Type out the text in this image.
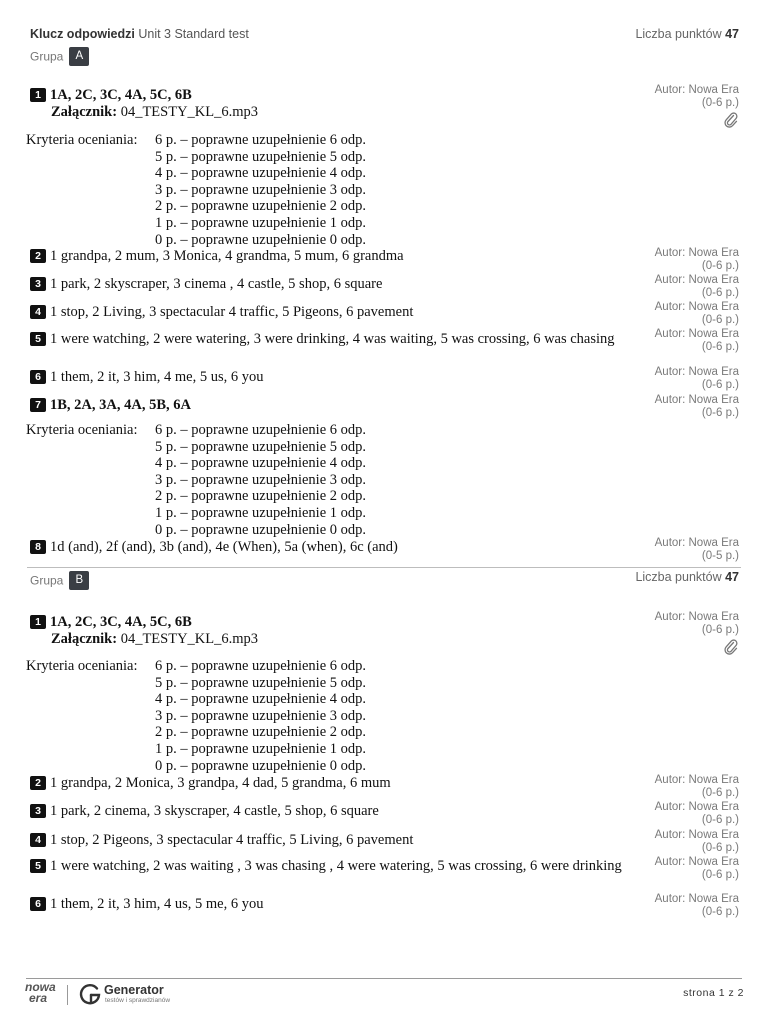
Klucz odpowiedzi Unit 3 Standard test	Liczba punktów 47
Grupa A
1 1A, 2C, 3C, 4A, 5C, 6B
Załącznik: 04_TESTY_KL_6.mp3
Autor: Nowa Era
(0-6 p.)
Kryteria oceniania: 6 p. – poprawne uzupełnienie 6 odp.
5 p. – poprawne uzupełnienie 5 odp.
4 p. – poprawne uzupełnienie 4 odp.
3 p. – poprawne uzupełnienie 3 odp.
2 p. – poprawne uzupełnienie 2 odp.
1 p. – poprawne uzupełnienie 1 odp.
0 p. – poprawne uzupełnienie 0 odp.
2 1 grandpa, 2 mum, 3 Monica, 4 grandma, 5 mum, 6 grandma	Autor: Nowa Era
(0-6 p.)
3 1 park, 2 skyscraper, 3 cinema , 4 castle, 5 shop, 6 square	Autor: Nowa Era
(0-6 p.)
4 1 stop, 2 Living, 3 spectacular 4 traffic, 5 Pigeons, 6 pavement	Autor: Nowa Era
(0-6 p.)
5 1 were watching, 2 were watering, 3 were drinking, 4 was waiting, 5 was crossing, 6 was chasing	Autor: Nowa Era
(0-6 p.)
6 1 them, 2 it, 3 him, 4 me, 5 us, 6 you	Autor: Nowa Era
(0-6 p.)
7 1B, 2A, 3A, 4A, 5B, 6A	Autor: Nowa Era
(0-6 p.)
Kryteria oceniania: 6 p. – poprawne uzupełnienie 6 odp.
5 p. – poprawne uzupełnienie 5 odp.
4 p. – poprawne uzupełnienie 4 odp.
3 p. – poprawne uzupełnienie 3 odp.
2 p. – poprawne uzupełnienie 2 odp.
1 p. – poprawne uzupełnienie 1 odp.
0 p. – poprawne uzupełnienie 0 odp.
8 1d (and), 2f (and), 3b (and), 4e (When), 5a (when), 6c (and)	Autor: Nowa Era
(0-5 p.)
Grupa B	Liczba punktów 47
1 1A, 2C, 3C, 4A, 5C, 6B
Załącznik: 04_TESTY_KL_6.mp3
Autor: Nowa Era
(0-6 p.)
Kryteria oceniania: 6 p. – poprawne uzupełnienie 6 odp.
5 p. – poprawne uzupełnienie 5 odp.
4 p. – poprawne uzupełnienie 4 odp.
3 p. – poprawne uzupełnienie 3 odp.
2 p. – poprawne uzupełnienie 2 odp.
1 p. – poprawne uzupełnienie 1 odp.
0 p. – poprawne uzupełnienie 0 odp.
2 1 grandpa, 2 Monica, 3 grandpa, 4 dad, 5 grandma, 6 mum	Autor: Nowa Era
(0-6 p.)
3 1 park, 2 cinema, 3 skyscraper, 4 castle, 5 shop, 6 square	Autor: Nowa Era
(0-6 p.)
4 1 stop, 2 Pigeons, 3 spectacular 4 traffic, 5 Living, 6 pavement	Autor: Nowa Era
(0-6 p.)
5 1 were watching, 2 was waiting , 3 was chasing , 4 were watering, 5 was crossing, 6 were drinking	Autor: Nowa Era
(0-6 p.)
6 1 them, 2 it, 3 him, 4 us, 5 me, 6 you	Autor: Nowa Era
(0-6 p.)
nowa
era
Generator
testów i sprawdzianów
strona 1 z 2
